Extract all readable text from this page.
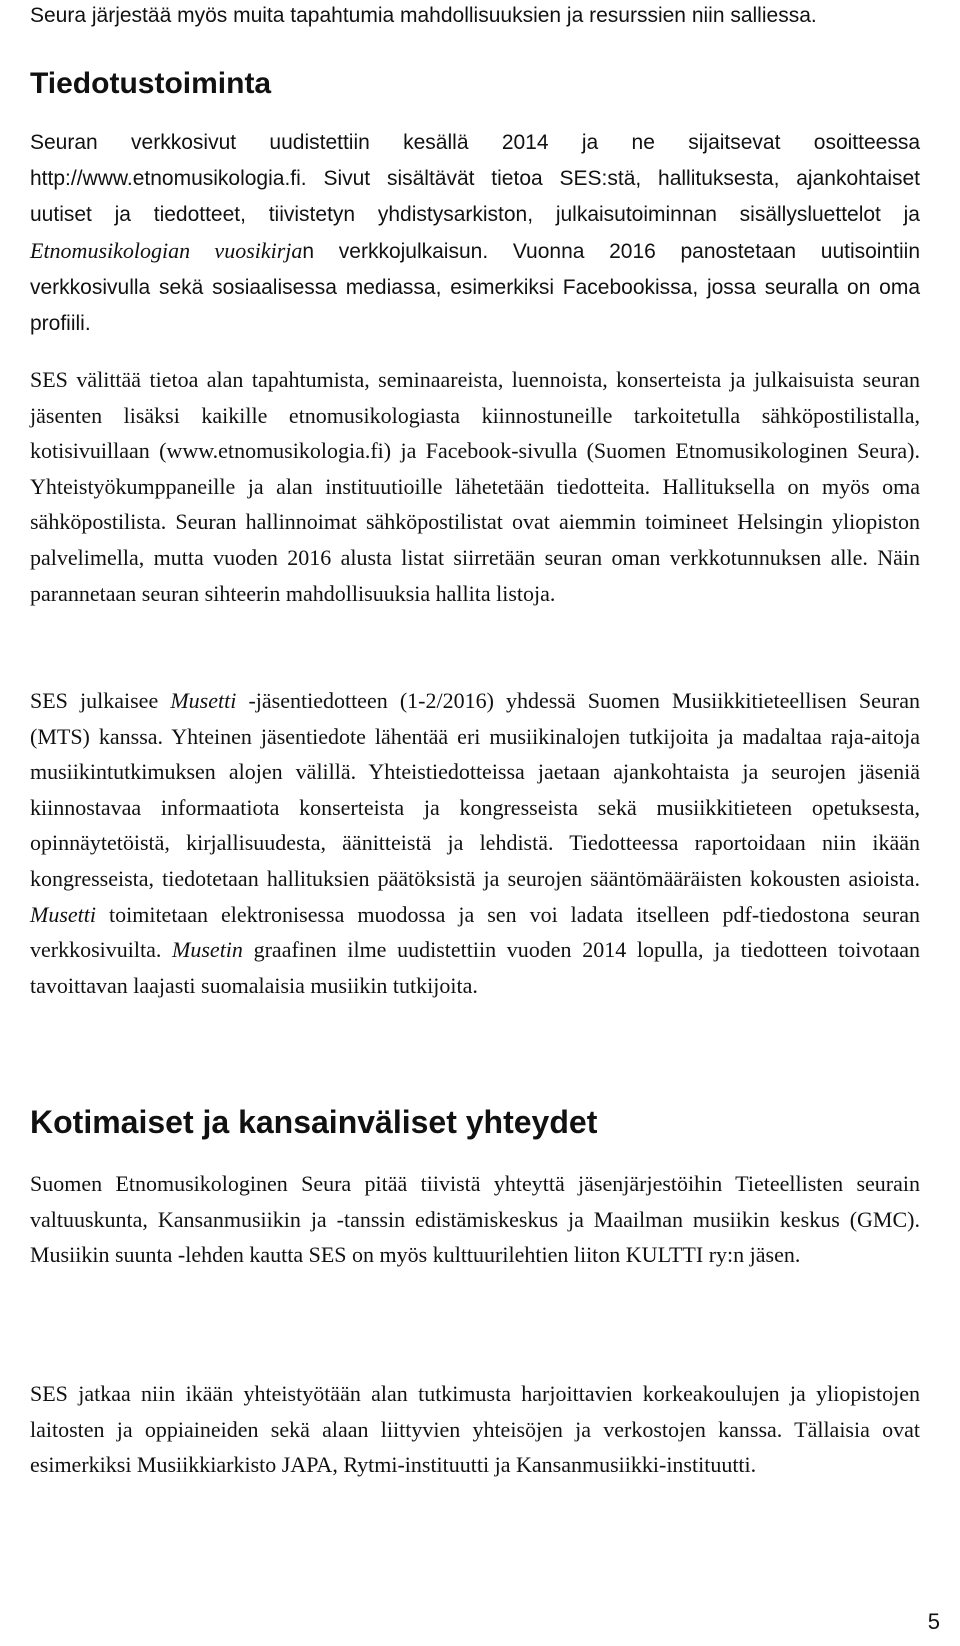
Seura järjestää myös muita tapahtumia mahdollisuuksien ja resurssien niin salliessa.

Tiedotustoiminta

Seuran verkkosivut uudistettiin kesällä 2014 ja ne sijaitsevat osoitteessa http://www.etnomusikologia.fi. Sivut sisältävät tietoa SES:stä, hallituksesta, ajankohtaiset uutiset ja tiedotteet, tiivistetyn yhdistysarkiston, julkaisutoiminnan sisällysluettelot ja Etnomusikologian vuosikirjan verkkojulkaisun. Vuonna 2016 panostetaan uutisointiin verkkosivulla sekä sosiaalisessa mediassa, esimerkiksi Facebookissa, jossa seuralla on oma profiili.

SES välittää tietoa alan tapahtumista, seminaareista, luennoista, konserteista ja julkaisuista seuran jäsenten lisäksi kaikille etnomusikologiasta kiinnostuneille tarkoitetulla sähköpostilistalla, kotisivuillaan (www.etnomusikologia.fi) ja Facebook-sivulla (Suomen Etnomusikologinen Seura). Yhteistyökumppaneille ja alan instituutioille lähetetään tiedotteita. Hallituksella on myös oma sähköpostilista. Seuran hallinnoimat sähköpostilistat ovat aiemmin toimineet Helsingin yliopiston palvelimella, mutta vuoden 2016 alusta listat siirretään seuran oman verkkotunnuksen alle. Näin parannetaan seuran sihteerin mahdollisuuksia hallita listoja.

SES julkaisee Musetti -jäsentiedotteen (1-2/2016) yhdessä Suomen Musiikkitieteellisen Seuran (MTS) kanssa. Yhteinen jäsentiedote lähentää eri musiikinalojen tutkijoita ja madaltaa raja-aitoja musiikintutkimuksen alojen välillä. Yhteistiedotteissa jaetaan ajankohtaista ja seurojen jäseniä kiinnostavaa informaatiota konserteista ja kongresseista sekä musiikkitieteen opetuksesta, opinnäytetöistä, kirjallisuudesta, äänitteistä ja lehdistä. Tiedotteessa raportoidaan niin ikään kongresseista, tiedotetaan hallituksien päätöksistä ja seurojen sääntömääräisten kokousten asioista. Musetti toimitetaan elektronisessa muodossa ja sen voi ladata itselleen pdf-tiedostona seuran verkkosivuilta. Musetin graafinen ilme uudistettiin vuoden 2014 lopulla, ja tiedotteen toivotaan tavoittavan laajasti suomalaisia musiikin tutkijoita.

Kotimaiset ja kansainväliset yhteydet

Suomen Etnomusikologinen Seura pitää tiivistä yhteyttä jäsenjärjestöihin Tieteellisten seurain valtuuskunta, Kansanmusiikin ja -tanssin edistämiskeskus ja Maailman musiikin keskus (GMC). Musiikin suunta -lehden kautta SES on myös kulttuurilehtien liiton KULTTI ry:n jäsen.

SES jatkaa niin ikään yhteistyötään alan tutkimusta harjoittavien korkeakoulujen ja yliopistojen laitosten ja oppiaineiden sekä alaan liittyvien yhteisöjen ja verkostojen kanssa. Tällaisia ovat esimerkiksi Musiikkiarkisto JAPA, Rytmi-instituutti ja Kansanmusiikki-instituutti.

5
